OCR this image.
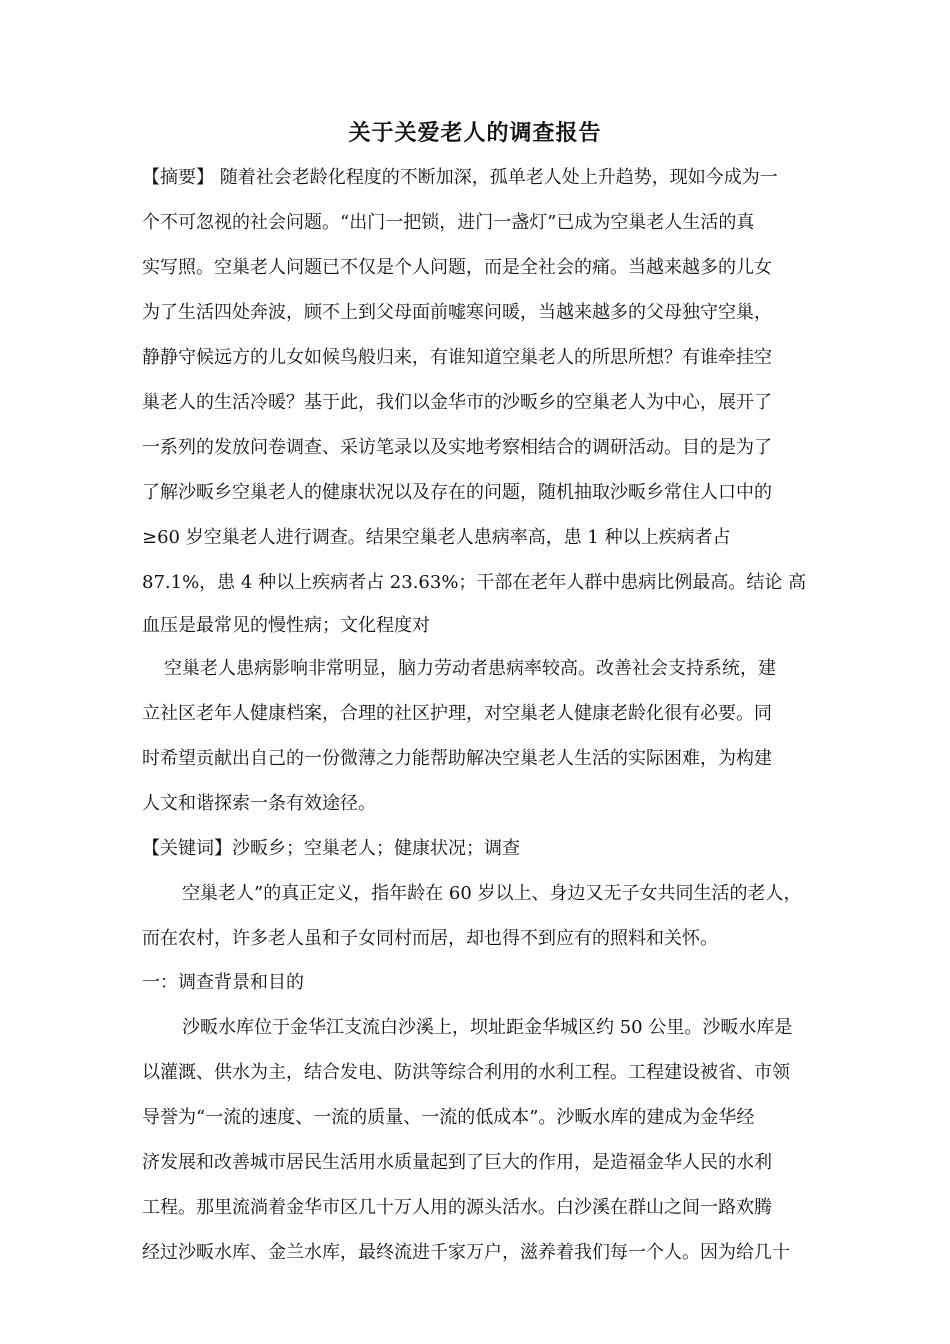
关于关爱老人的调查报告

【摘要】 随着社会老龄化程度的不断加深，孤单老人处上升趋势，现如今成为一

个不可忽视的社会问题。“出门一把锁，进门一盏灯”已成为空巢老人生活的真

实写照。空巢老人问题已不仅是个人问题，而是全社会的痛。当越来越多的儿女

为了生活四处奔波，顾不上到父母面前嘘寒问暖，当越来越多的父母独守空巢，

静静守候远方的儿女如候鸟般归来，有谁知道空巢老人的所思所想？有谁牵挂空

巢老人的生活冷暖？基于此，我们以金华市的沙畈乡的空巢老人为中心，展开了

一系列的发放问卷调查、采访笔录以及实地考察相结合的调研活动。目的是为了

了解沙畈乡空巢老人的健康状况以及存在的问题，随机抽取沙畈乡常住人口中的

≥60 岁空巢老人进行调查。结果空巢老人患病率高，患 1 种以上疾病者占

87.1%，患 4 种以上疾病者占 23.63%；干部在老年人群中患病比例最高。结论 高

血压是最常见的慢性病；文化程度对

空巢老人患病影响非常明显，脑力劳动者患病率较高。改善社会支持系统，建

立社区老年人健康档案，合理的社区护理，对空巢老人健康老龄化很有必要。同

时希望贡献出自己的一份微薄之力能帮助解决空巢老人生活的实际困难，为构建

人文和谐探索一条有效途径。

【关键词】沙畈乡；空巢老人；健康状况；调查

空巢老人”的真正定义，指年龄在 60 岁以上、身边又无子女共同生活的老人，

而在农村，许多老人虽和子女同村而居，却也得不到应有的照料和关怀。

一：调查背景和目的

沙畈水库位于金华江支流白沙溪上，坝址距金华城区约 50 公里。沙畈水库是

以灌溉、供水为主，结合发电、防洪等综合利用的水利工程。工程建设被省、市领

导誉为“一流的速度、一流的质量、一流的低成本”。沙畈水库的建成为金华经

济发展和改善城市居民生活用水质量起到了巨大的作用，是造福金华人民的水利

工程。那里流淌着金华市区几十万人用的源头活水。白沙溪在群山之间一路欢腾

经过沙畈水库、金兰水库，最终流进千家万户，滋养着我们每一个人。因为给几十
